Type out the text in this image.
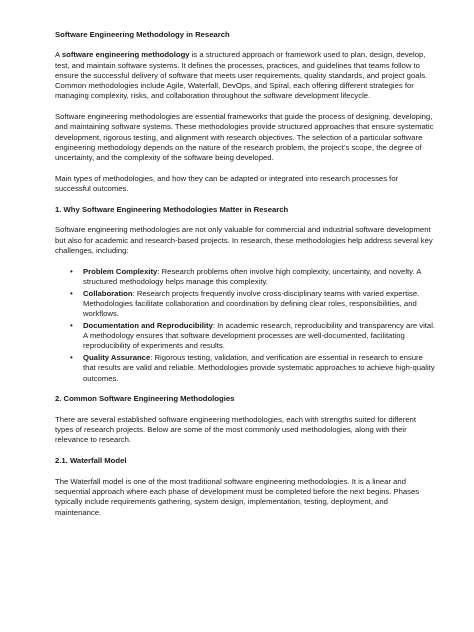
Software Engineering Methodology in Research

A software engineering methodology is a structured approach or framework used to plan, design, develop, test, and maintain software systems. It defines the processes, practices, and guidelines that teams follow to ensure the successful delivery of software that meets user requirements, quality standards, and project goals. Common methodologies include Agile, Waterfall, DevOps, and Spiral, each offering different strategies for managing complexity, risks, and collaboration throughout the software development lifecycle.

Software engineering methodologies are essential frameworks that guide the process of designing, developing, and maintaining software systems. These methodologies provide structured approaches that ensure systematic development, rigorous testing, and alignment with research objectives. The selection of a particular software engineering methodology depends on the nature of the research problem, the project’s scope, the degree of uncertainty, and the complexity of the software being developed.

Main types of methodologies, and how they can be adapted or integrated into research processes for successful outcomes.

1. Why Software Engineering Methodologies Matter in Research

Software engineering methodologies are not only valuable for commercial and industrial software development but also for academic and research-based projects. In research, these methodologies help address several key challenges, including:

• Problem Complexity: Research problems often involve high complexity, uncertainty, and novelty. A structured methodology helps manage this complexity.
• Collaboration: Research projects frequently involve cross-disciplinary teams with varied expertise. Methodologies facilitate collaboration and coordination by defining clear roles, responsibilities, and workflows.
• Documentation and Reproducibility: In academic research, reproducibility and transparency are vital. A methodology ensures that software development processes are well-documented, facilitating reproducibility of experiments and results.
• Quality Assurance: Rigorous testing, validation, and verification are essential in research to ensure that results are valid and reliable. Methodologies provide systematic approaches to achieve high-quality outcomes.
2. Common Software Engineering Methodologies

There are several established software engineering methodologies, each with strengths suited for different types of research projects. Below are some of the most commonly used methodologies, along with their relevance to research.

2.1. Waterfall Model

The Waterfall model is one of the most traditional software engineering methodologies. It is a linear and sequential approach where each phase of development must be completed before the next begins. Phases typically include requirements gathering, system design, implementation, testing, deployment, and maintenance.
